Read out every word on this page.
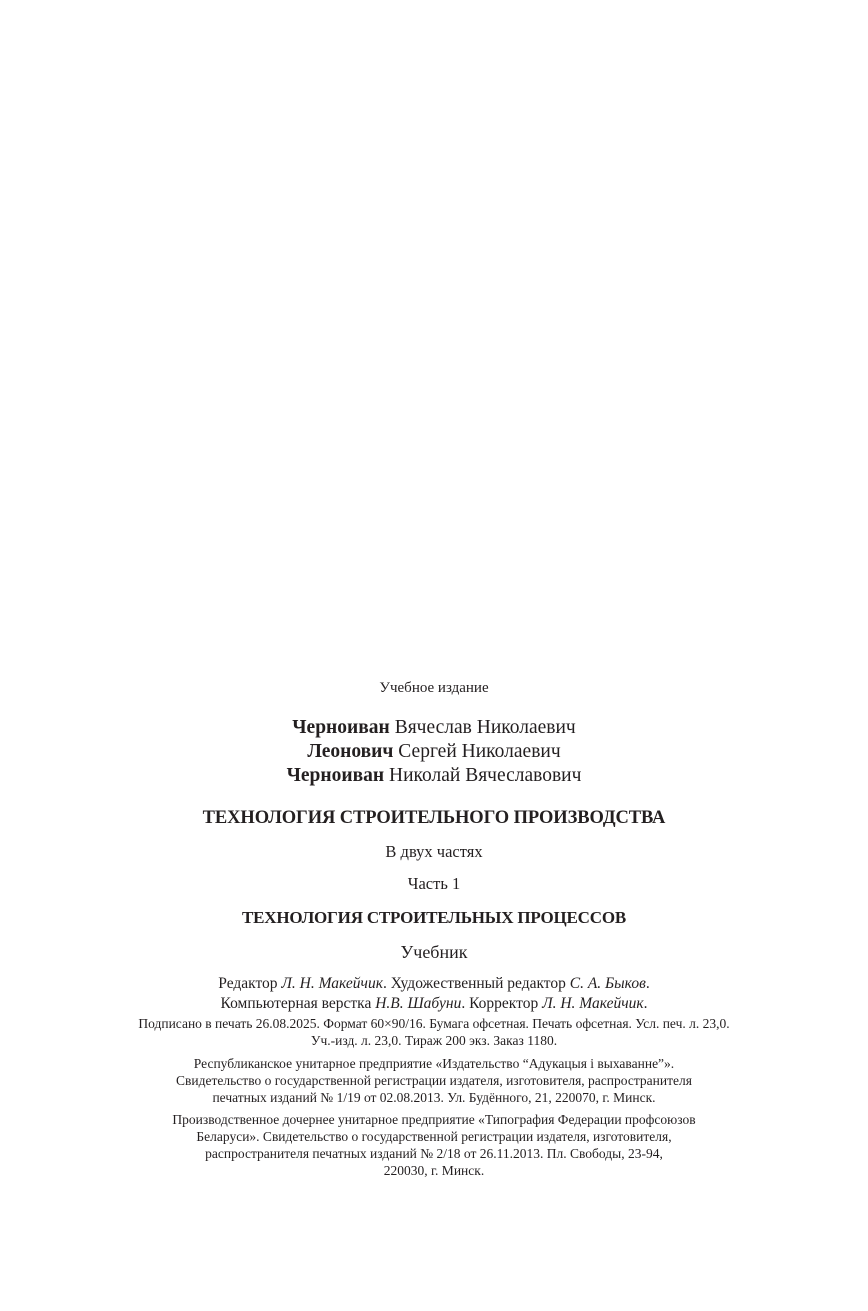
Учебное издание
Черноиван Вячеслав Николаевич
Леонович Сергей Николаевич
Черноиван Николай Вячеславович
ТЕХНОЛОГИЯ СТРОИТЕЛЬНОГО ПРОИЗВОДСТВА
В двух частях
Часть 1
ТЕХНОЛОГИЯ СТРОИТЕЛЬНЫХ ПРОЦЕССОВ
Учебник
Редактор Л. Н. Макейчик. Художественный редактор С. А. Быков.
Компьютерная верстка Н.В. Шабуни. Корректор Л. Н. Макейчик.
Подписано в печать 26.08.2025. Формат 60×90/16. Бумага офсетная. Печать офсетная. Усл. печ. л. 23,0.
Уч.-изд. л. 23,0. Тираж 200 экз. Заказ 1180.
Республиканское унитарное предприятие «Издательство “Адукацыя і выхаванне”».
Свидетельство о государственной регистрации издателя, изготовителя, распространителя
печатных изданий № 1/19 от 02.08.2013. Ул. Будённого, 21, 220070, г. Минск.
Производственное дочернее унитарное предприятие «Типография Федерации профсоюзов
Беларуси». Свидетельство о государственной регистрации издателя, изготовителя,
распространителя печатных изданий № 2/18 от 26.11.2013. Пл. Свободы, 23-94,
220030, г. Минск.
